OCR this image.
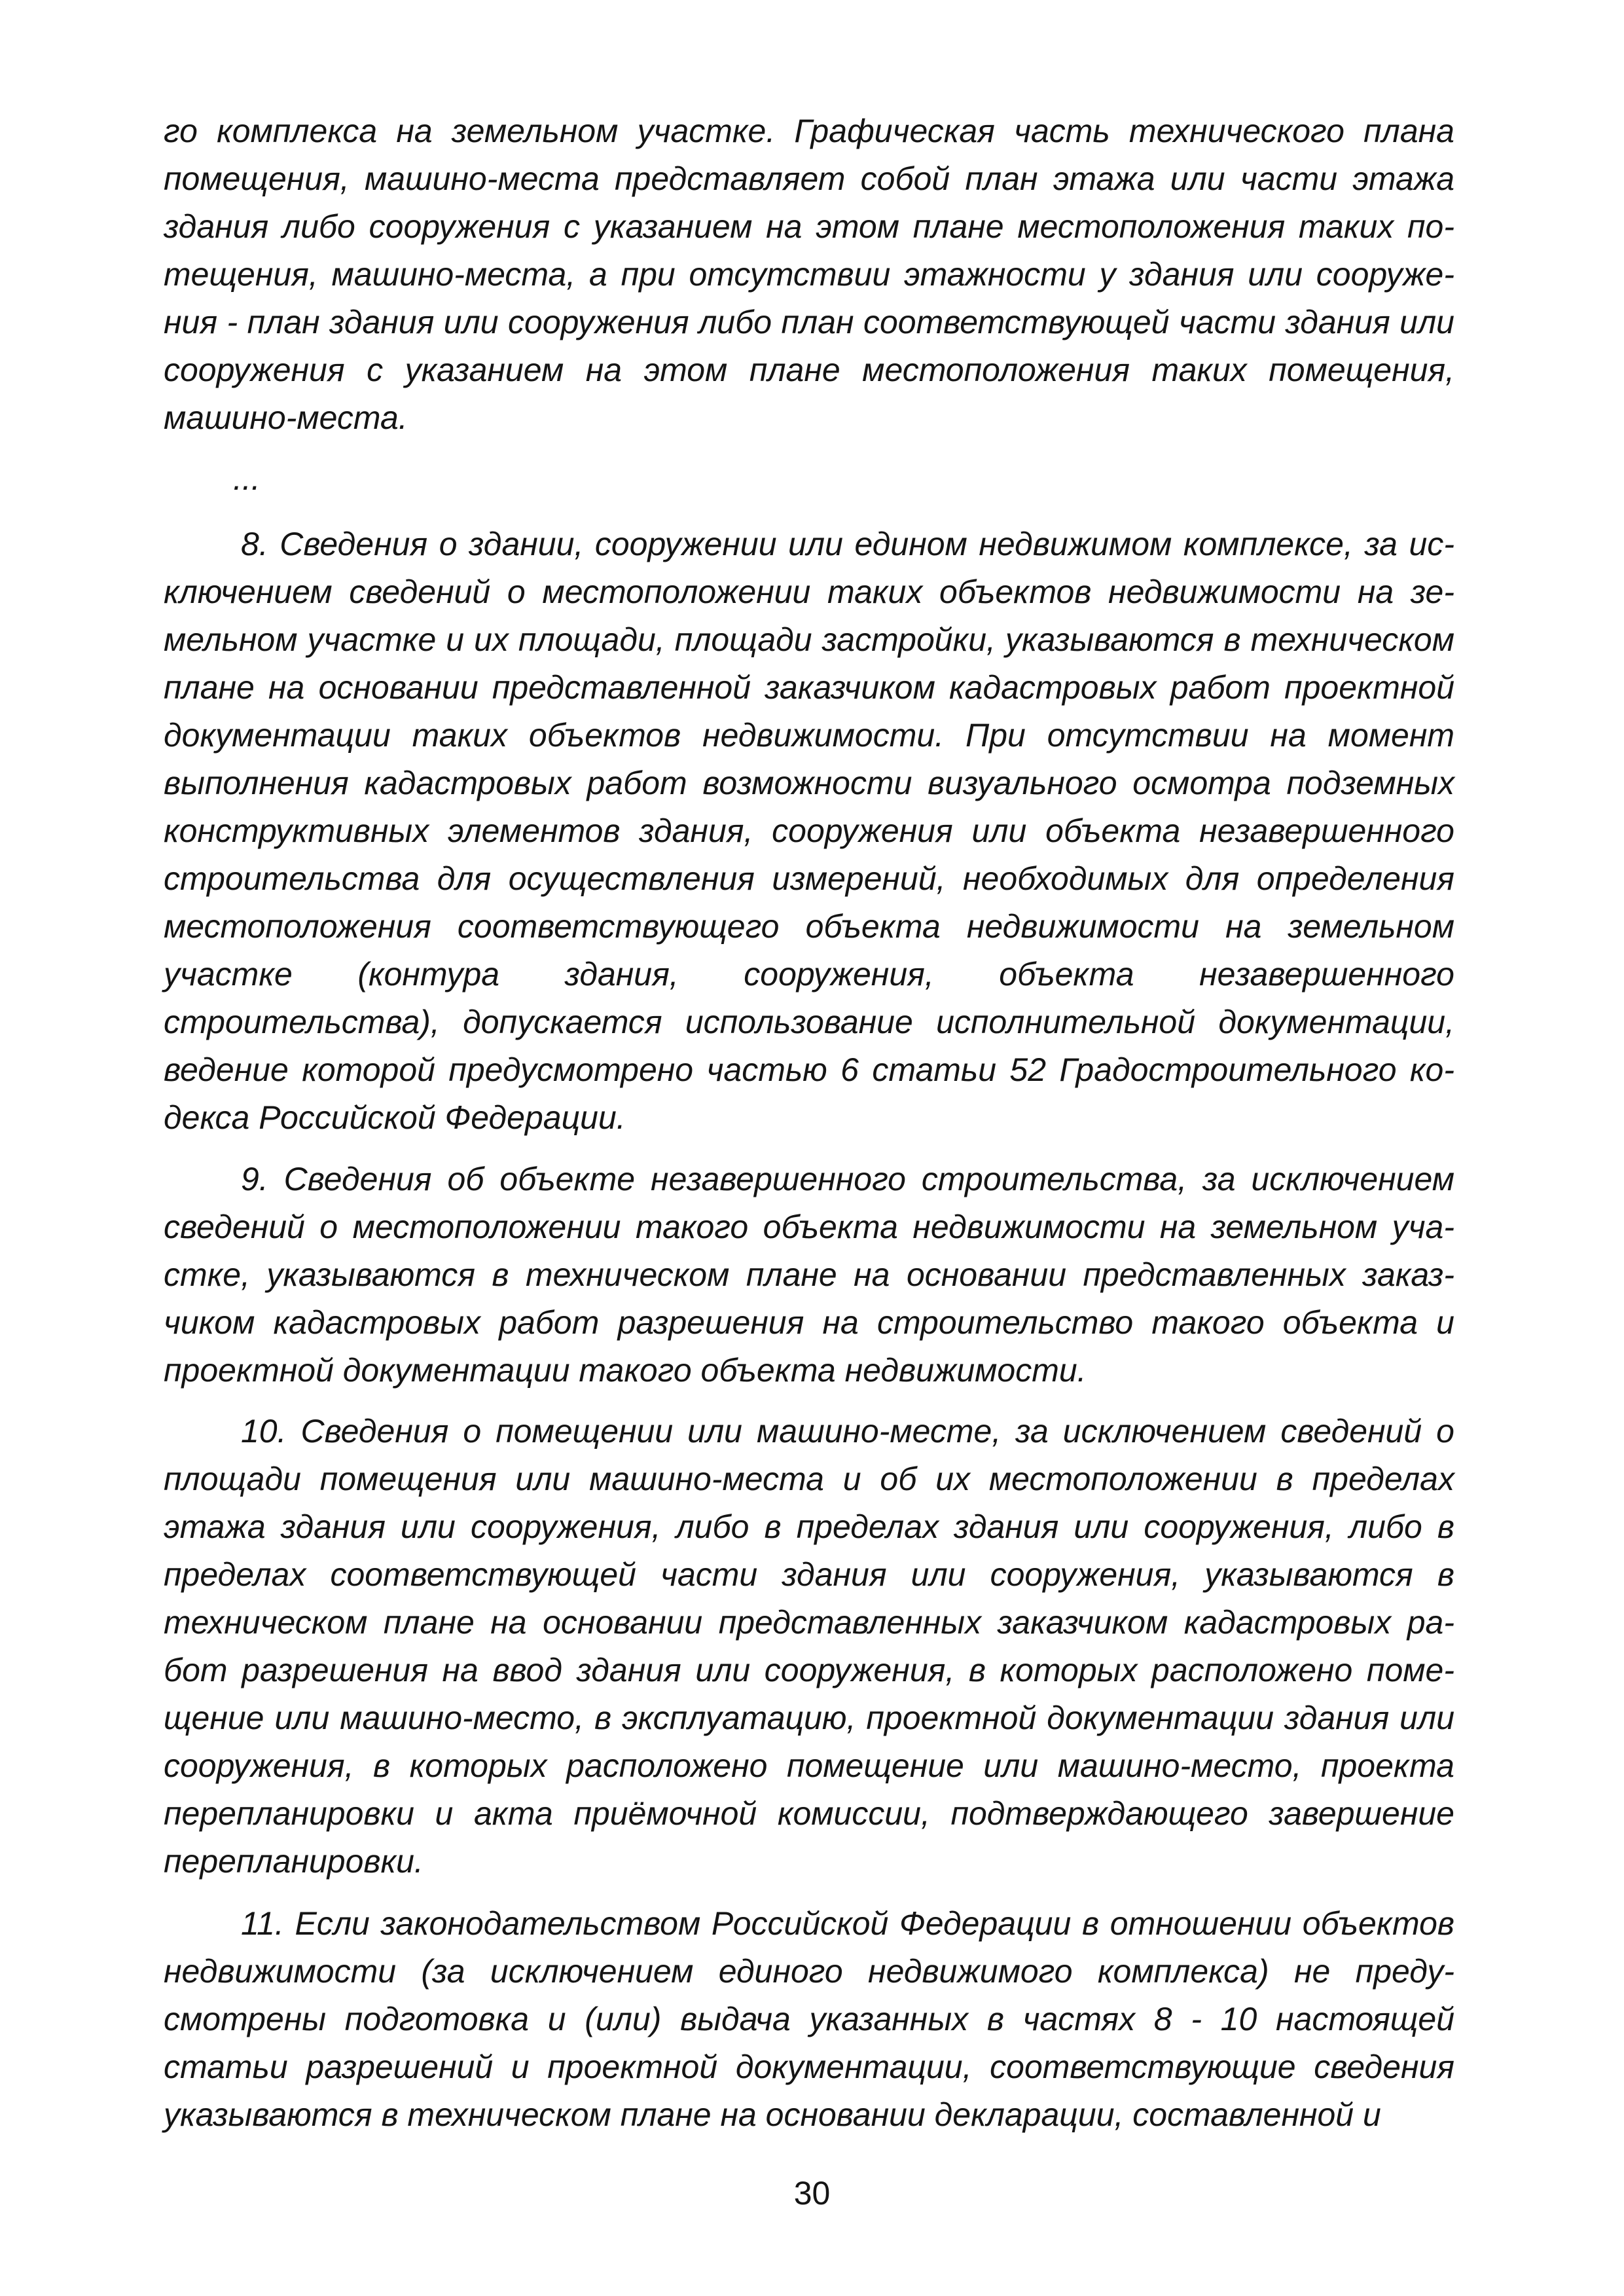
го комплекса на земельном участке. Графическая часть технического плана помещения, машино-места представляет собой план этажа или части этажа здания либо сооружения с указанием на этом плане местоположения таких поmещения, машино-места, а при отсутствии этажности у здания или сооружения - план здания или сооружения либо план соответствующей части здания или сооружения с указанием на этом плане местоположения таких помещения, машино-места.

...

8. Сведения о здании, сооружении или едином недвижимом комплексе, за исключением сведений о местоположении таких объектов недвижимости на земельном участке и их площади, площади застройки, указываются в техническом плане на основании представленной заказчиком кадастровых работ проектной документации таких объектов недвижимости. При отсутствии на момент выполнения кадастровых работ возможности визуального осмотра подземных конструктивных элементов здания, сооружения или объекта незавершенного строительства для осуществления измерений, необходимых для определения местоположения соответствующего объекта недвижимости на земельном участке (контура здания, сооружения, объекта незавершенного строительства), допускается использование исполнительной документации, ведение которой предусмотрено частью 6 статьи 52 Градостроительного кодекса Российской Федерации.

9. Сведения об объекте незавершенного строительства, за исключением сведений о местоположении такого объекта недвижимости на земельном участке, указываются в техническом плане на основании представленных заказчиком кадастровых работ разрешения на строительство такого объекта и проектной документации такого объекта недвижимости.

10. Сведения о помещении или машино-месте, за исключением сведений о площади помещения или машино-места и об их местоположении в пределах этажа здания или сооружения, либо в пределах здания или сооружения, либо в пределах соответствующей части здания или сооружения, указываются в техническом плане на основании представленных заказчиком кадастровых работ разрешения на ввод здания или сооружения, в которых расположено помещение или машино-место, в эксплуатацию, проектной документации здания или сооружения, в которых расположено помещение или машино-место, проекта перепланировки и акта приёмочной комиссии, подтверждающего завершение перепланировки.

11. Если законодательством Российской Федерации в отношении объектов недвижимости (за исключением единого недвижимого комплекса) не предусмотрены подготовка и (или) выдача указанных в частях 8 - 10 настоящей статьи разрешений и проектной документации, соответствующие сведения указываются в техническом плане на основании декларации, составленной и

30
